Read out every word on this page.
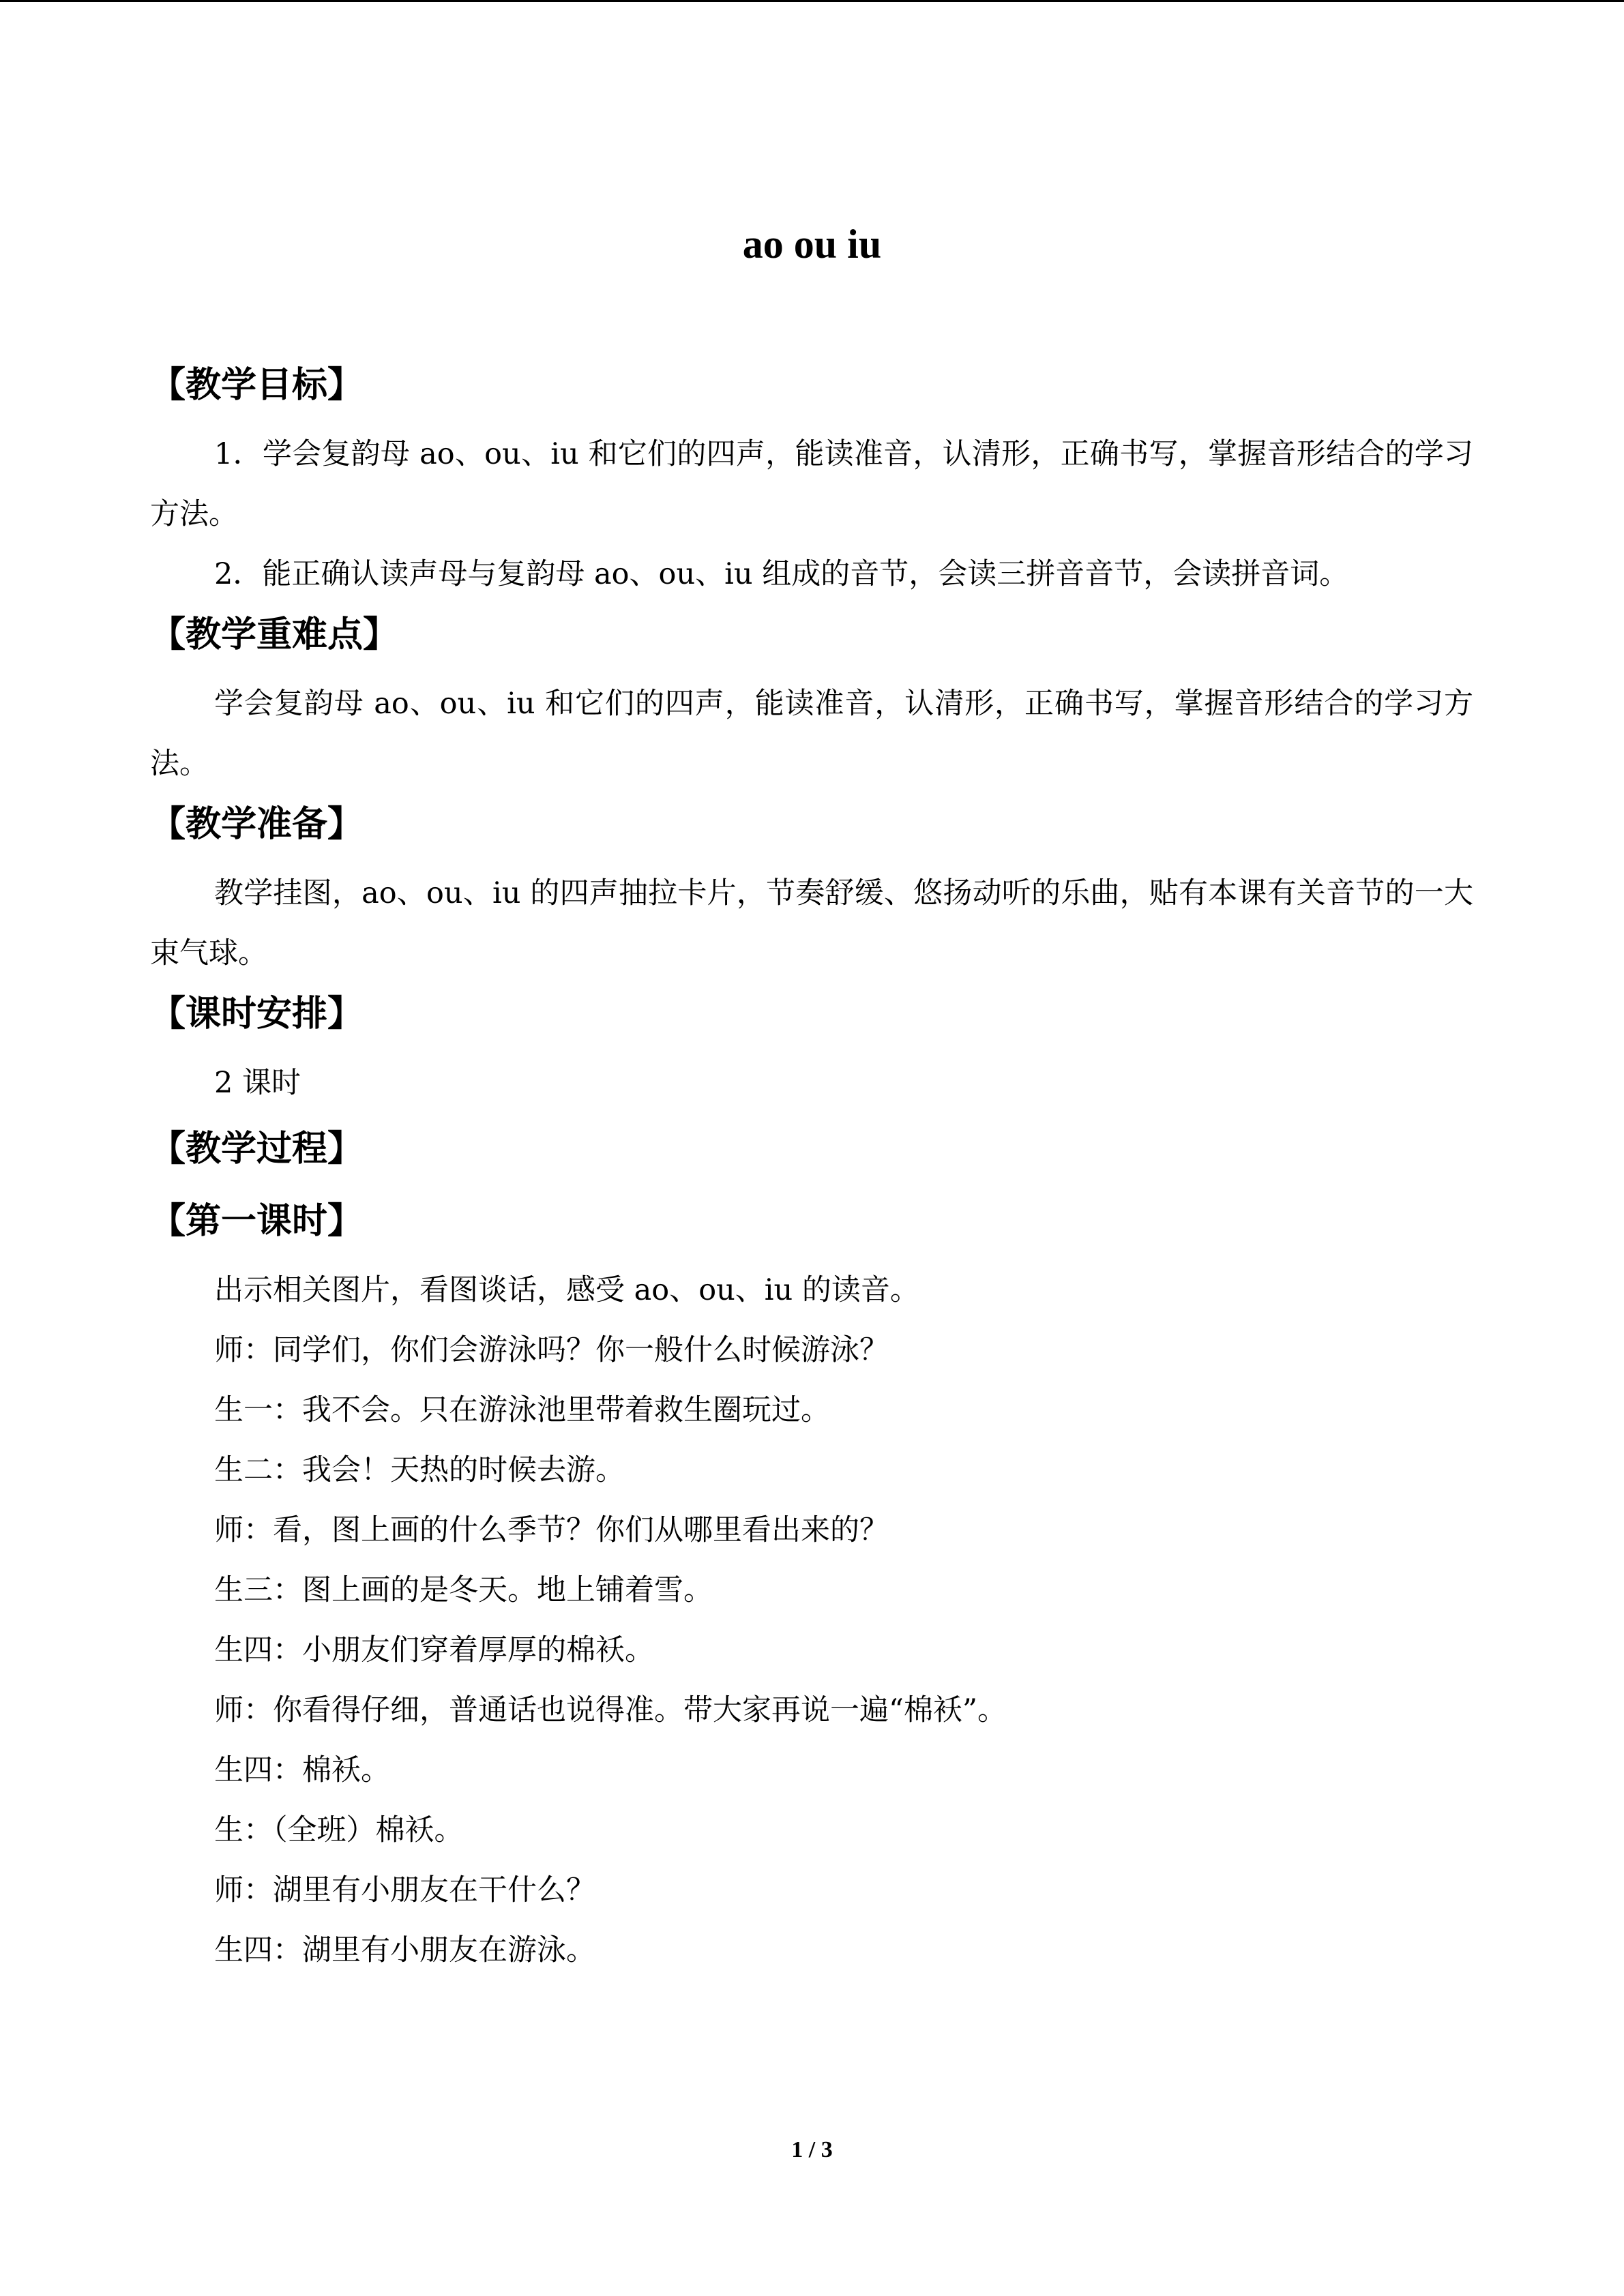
ao ou iu
【教学目标】

1．学会复韵母 ao、ou、iu 和它们的四声，能读准音，认清形，正确书写，掌握音形结合的学习方法。

2．能正确认读声母与复韵母 ao、ou、iu 组成的音节，会读三拼音音节，会读拼音词。

【教学重难点】

学会复韵母 ao、ou、iu 和它们的四声，能读准音，认清形，正确书写，掌握音形结合的学习方法。

【教学准备】

教学挂图，ao、ou、iu 的四声抽拉卡片，节奏舒缓、悠扬动听的乐曲，贴有本课有关音节的一大束气球。

【课时安排】

2 课时

【教学过程】
【第一课时】

出示相关图片，看图谈话，感受 ao、ou、iu 的读音。

师：同学们，你们会游泳吗？你一般什么时候游泳？

生一：我不会。只在游泳池里带着救生圈玩过。

生二：我会！天热的时候去游。

师：看，图上画的什么季节？你们从哪里看出来的？

生三：图上画的是冬天。地上铺着雪。

生四：小朋友们穿着厚厚的棉袄。

师：你看得仔细，普通话也说得准。带大家再说一遍“棉袄”。

生四：棉袄。

生：（全班）棉袄。

师：湖里有小朋友在干什么？

生四：湖里有小朋友在游泳。

1 / 3
